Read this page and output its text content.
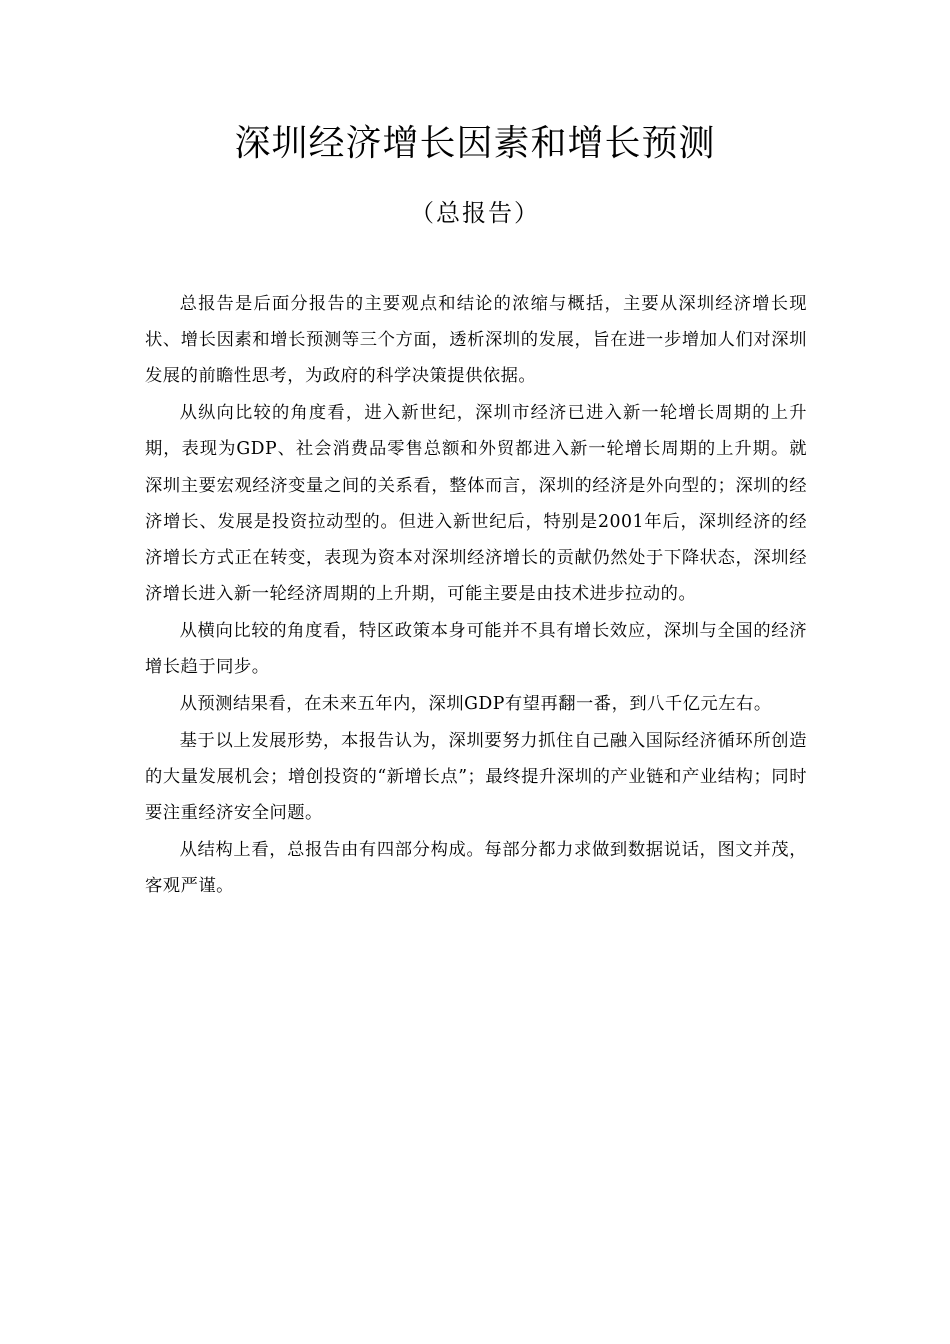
深圳经济增长因素和增长预测
（总报告）

总报告是后面分报告的主要观点和结论的浓缩与概括，主要从深圳经济增长现状、增长因素和增长预测等三个方面，透析深圳的发展，旨在进一步增加人们对深圳发展的前瞻性思考，为政府的科学决策提供依据。

从纵向比较的角度看，进入新世纪，深圳市经济已进入新一轮增长周期的上升期，表现为GDP、社会消费品零售总额和外贸都进入新一轮增长周期的上升期。就深圳主要宏观经济变量之间的关系看，整体而言，深圳的经济是外向型的；深圳的经济增长、发展是投资拉动型的。但进入新世纪后，特别是2001年后，深圳经济的经济增长方式正在转变，表现为资本对深圳经济增长的贡献仍然处于下降状态，深圳经济增长进入新一轮经济周期的上升期，可能主要是由技术进步拉动的。

从横向比较的角度看，特区政策本身可能并不具有增长效应，深圳与全国的经济增长趋于同步。

从预测结果看，在未来五年内，深圳GDP有望再翻一番，到八千亿元左右。

基于以上发展形势，本报告认为，深圳要努力抓住自己融入国际经济循环所创造的大量发展机会；增创投资的“新增长点”；最终提升深圳的产业链和产业结构；同时要注重经济安全问题。

从结构上看，总报告由有四部分构成。每部分都力求做到数据说话，图文并茂，客观严谨。
